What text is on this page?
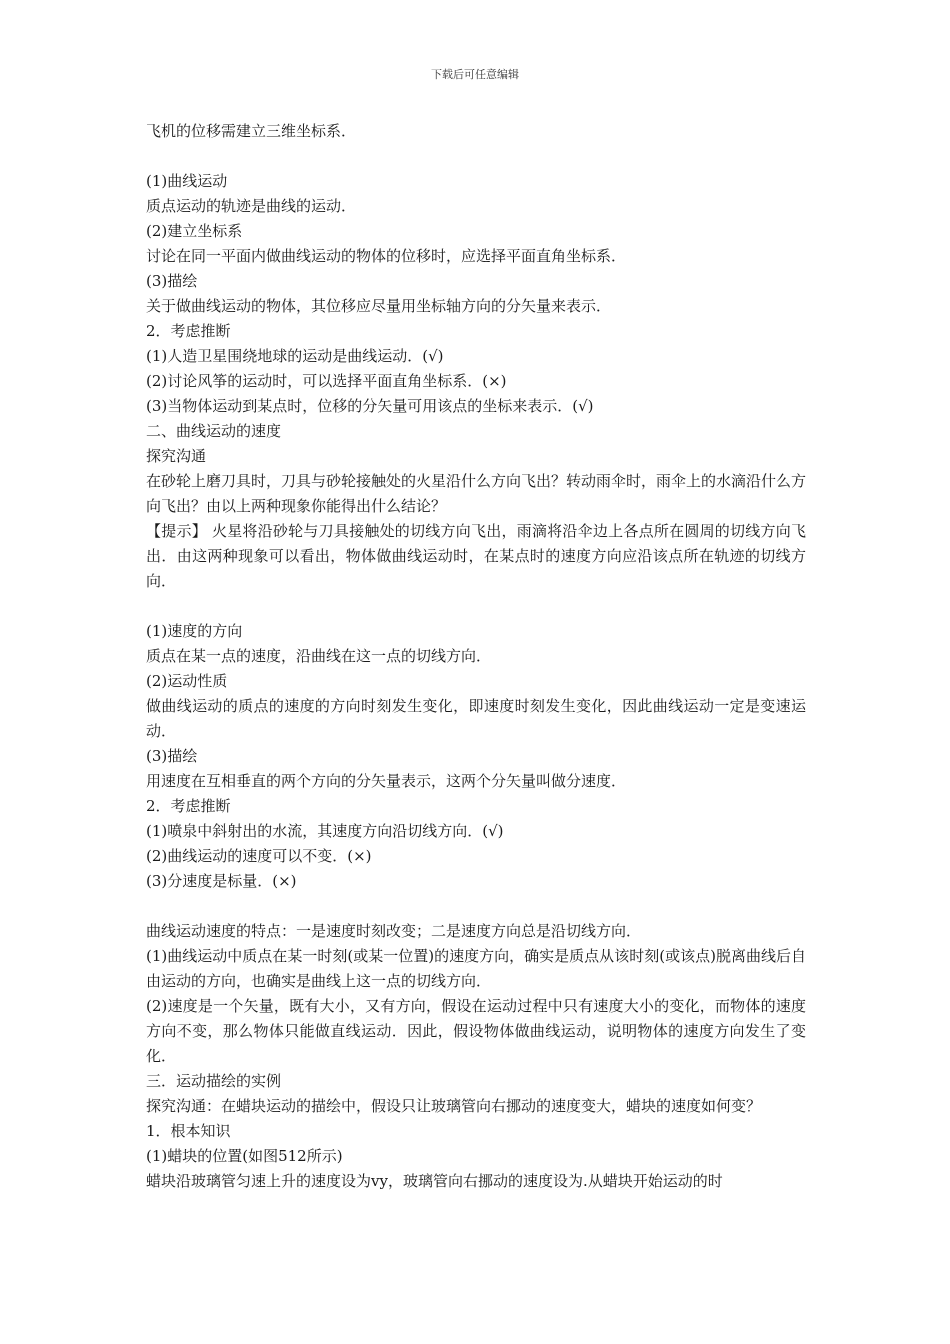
下载后可任意编辑

飞机的位移需建立三维坐标系．

(1)曲线运动

质点运动的轨迹是曲线的运动．

(2)建立坐标系

讨论在同一平面内做曲线运动的物体的位移时，应选择平面直角坐标系．

(3)描绘

关于做曲线运动的物体，其位移应尽量用坐标轴方向的分矢量来表示．

2．考虑推断

(1)人造卫星围绕地球的运动是曲线运动．(√)

(2)讨论风筝的运动时，可以选择平面直角坐标系．(×)

(3)当物体运动到某点时，位移的分矢量可用该点的坐标来表示．(√)

二、曲线运动的速度

探究沟通

在砂轮上磨刀具时，刀具与砂轮接触处的火星沿什么方向飞出？转动雨伞时，雨伞上的水滴沿什么方向飞出？由以上两种现象你能得出什么结论？

【提示】 火星将沿砂轮与刀具接触处的切线方向飞出，雨滴将沿伞边上各点所在圆周的切线方向飞出．由这两种现象可以看出，物体做曲线运动时，在某点时的速度方向应沿该点所在轨迹的切线方向．

(1)速度的方向

质点在某一点的速度，沿曲线在这一点的切线方向．

(2)运动性质

做曲线运动的质点的速度的方向时刻发生变化，即速度时刻发生变化，因此曲线运动一定是变速运动．

(3)描绘

用速度在互相垂直的两个方向的分矢量表示，这两个分矢量叫做分速度．

2．考虑推断

(1)喷泉中斜射出的水流，其速度方向沿切线方向．(√)

(2)曲线运动的速度可以不变．(×)

(3)分速度是标量．(×)

曲线运动速度的特点：一是速度时刻改变；二是速度方向总是沿切线方向．

(1)曲线运动中质点在某一时刻(或某一位置)的速度方向，确实是质点从该时刻(或该点)脱离曲线后自由运动的方向，也确实是曲线上这一点的切线方向．

(2)速度是一个矢量，既有大小，又有方向，假设在运动过程中只有速度大小的变化，而物体的速度方向不变，那么物体只能做直线运动．因此，假设物体做曲线运动，说明物体的速度方向发生了变化．

三．运动描绘的实例

探究沟通：在蜡块运动的描绘中，假设只让玻璃管向右挪动的速度变大，蜡块的速度如何变？

1．根本知识

(1)蜡块的位置(如图512所示)

蜡块沿玻璃管匀速上升的速度设为vy，玻璃管向右挪动的速度设为.从蜡块开始运动的时
